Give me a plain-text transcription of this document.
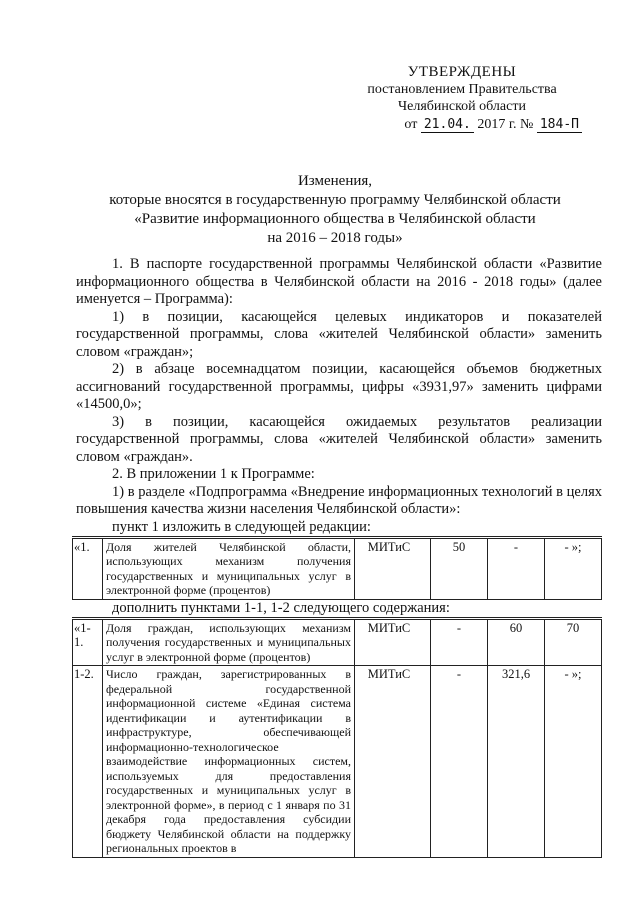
УТВЕРЖДЕНЫ
постановлением Правительства
Челябинской области
от 21.04. 2017 г. № 184-П
Изменения,
которые вносятся в государственную программу Челябинской области
«Развитие информационного общества в Челябинской области
на 2016 – 2018 годы»

1. В паспорте государственной программы Челябинской области «Развитие информационного общества в Челябинской области на 2016 - 2018 годы» (далее именуется – Программа):

1) в позиции, касающейся целевых индикаторов и показателей государственной программы, слова «жителей Челябинской области» заменить словом «граждан»;

2) в абзаце восемнадцатом позиции, касающейся объемов бюджетных ассигнований государственной программы, цифры «3931,97» заменить цифрами «14500,0»;

3) в позиции, касающейся ожидаемых результатов реализации государственной программы, слова «жителей Челябинской области» заменить словом «граждан».

2. В приложении 1 к Программе:

1) в разделе «Подпрограмма «Внедрение информационных технологий в целях повышения качества жизни населения Челябинской области»:

пункт 1 изложить в следующей редакции:

«1.	Доля жителей Челябинской области, использующих механизм получения государственных и муниципальных услуг в электронной форме (процентов)	МИТиС	50	-	- »;

дополнить пунктами 1-1, 1-2 следующего содержания:

«1-1.	Доля граждан, использующих механизм получения государственных и муниципальных услуг в электронной форме (процентов)	МИТиС	-	60	70
1-2.	Число граждан, зарегистрированных в федеральной государственной информационной системе «Единая система идентификации и аутентификации в инфраструктуре, обеспечивающей информационно-технологическое взаимодействие информационных систем, используемых для предоставления государственных и муниципальных услуг в электронной форме», в период с 1 января по 31 декабря года предоставления субсидии бюджету Челябинской области на поддержку региональных проектов в	МИТиС	-	321,6	- »;
